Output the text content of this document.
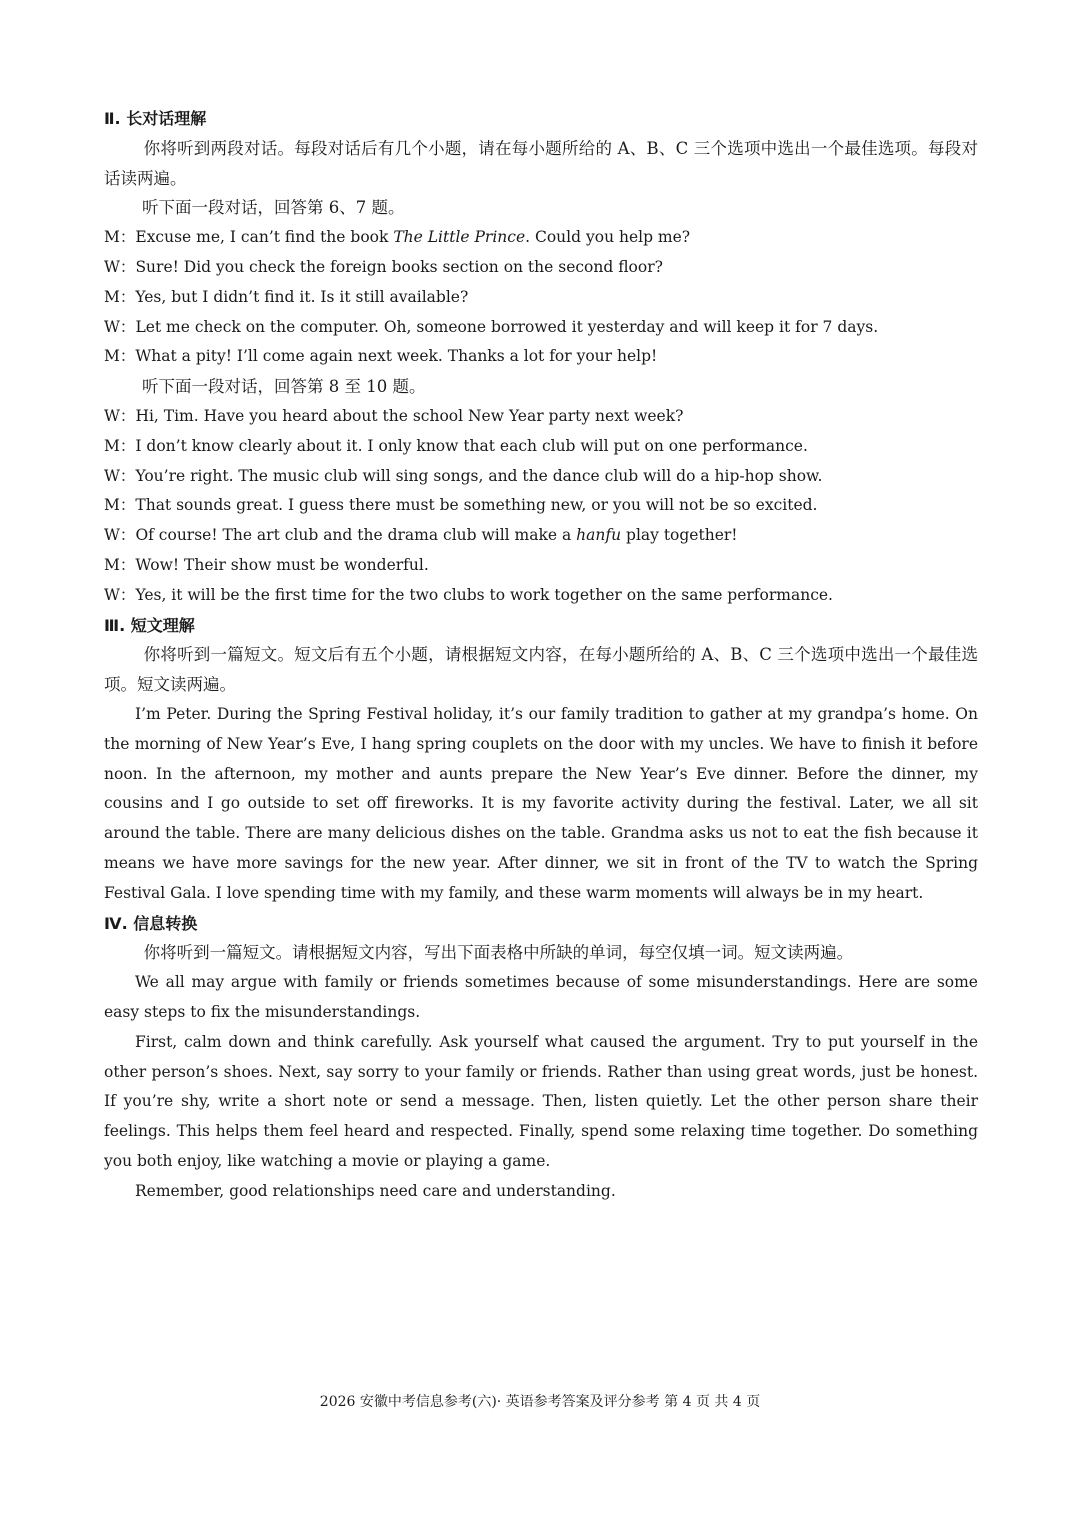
Ⅱ. 长对话理解

你将听到两段对话。每段对话后有几个小题，请在每小题所给的 A、B、C 三个选项中选出一个最佳选项。每段对话读两遍。

听下面一段对话，回答第 6、7 题。

M：Excuse me, I can’t find the book The Little Prince. Could you help me?

W：Sure! Did you check the foreign books section on the second floor?

M：Yes, but I didn’t find it. Is it still available?

W：Let me check on the computer. Oh, someone borrowed it yesterday and will keep it for 7 days.

M：What a pity! I’ll come again next week. Thanks a lot for your help!

听下面一段对话，回答第 8 至 10 题。

W：Hi, Tim. Have you heard about the school New Year party next week?

M：I don’t know clearly about it. I only know that each club will put on one performance.

W：You’re right. The music club will sing songs, and the dance club will do a hip-hop show.

M：That sounds great. I guess there must be something new, or you will not be so excited.

W：Of course! The art club and the drama club will make a hanfu play together!

M：Wow! Their show must be wonderful.

W：Yes, it will be the first time for the two clubs to work together on the same performance.

Ⅲ. 短文理解

你将听到一篇短文。短文后有五个小题，请根据短文内容，在每小题所给的 A、B、C 三个选项中选出一个最佳选项。短文读两遍。

I’m Peter. During the Spring Festival holiday, it’s our family tradition to gather at my grandpa’s home. On the morning of New Year’s Eve, I hang spring couplets on the door with my uncles. We have to finish it before noon. In the afternoon, my mother and aunts prepare the New Year’s Eve dinner. Before the dinner, my cousins and I go outside to set off fireworks. It is my favorite activity during the festival. Later, we all sit around the table. There are many delicious dishes on the table. Grandma asks us not to eat the fish because it means we have more savings for the new year. After dinner, we sit in front of the TV to watch the Spring Festival Gala. I love spending time with my family, and these warm moments will always be in my heart.

Ⅳ. 信息转换

你将听到一篇短文。请根据短文内容，写出下面表格中所缺的单词，每空仅填一词。短文读两遍。

We all may argue with family or friends sometimes because of some misunderstandings. Here are some easy steps to fix the misunderstandings.

First, calm down and think carefully. Ask yourself what caused the argument. Try to put yourself in the other person’s shoes. Next, say sorry to your family or friends. Rather than using great words, just be honest. If you’re shy, write a short note or send a message. Then, listen quietly. Let the other person share their feelings. This helps them feel heard and respected. Finally, spend some relaxing time together. Do something you both enjoy, like watching a movie or playing a game.

Remember, good relationships need care and understanding.

2026 安徽中考信息参考(六)· 英语参考答案及评分参考 第 4 页 共 4 页
